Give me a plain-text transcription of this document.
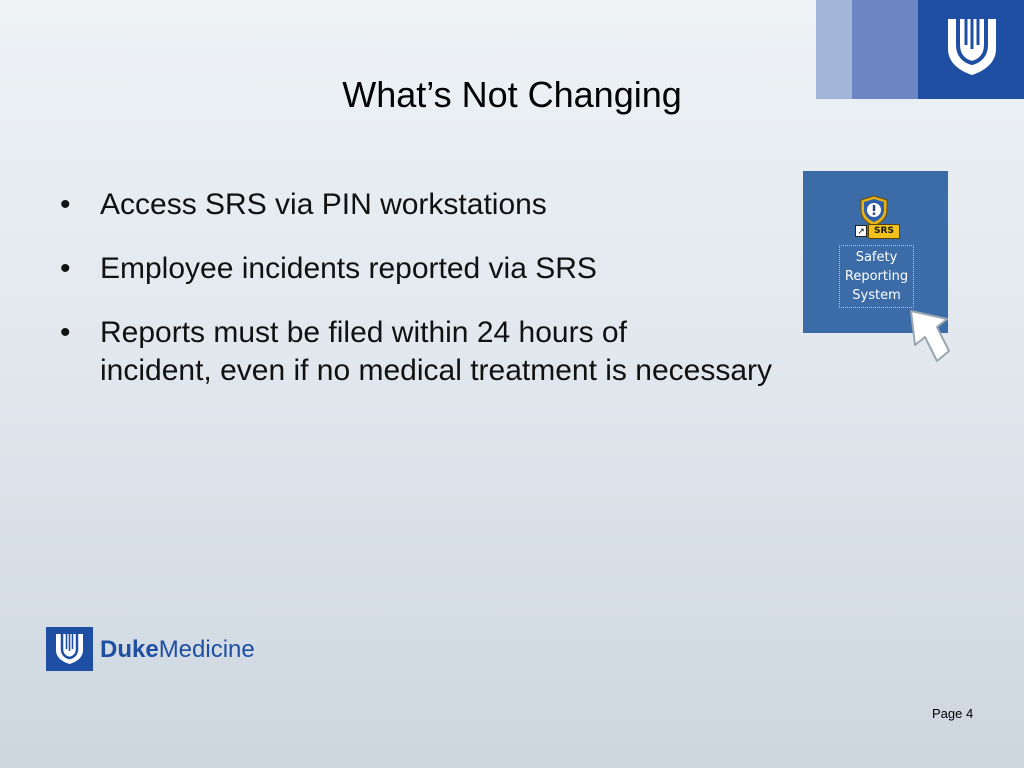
What’s Not Changing
• Access SRS via PIN workstations
• Employee incidents reported via SRS
• Reports must be filed within 24 hours of
incident, even if no medical treatment is necessary
↗	SRS
Safety
Reporting
System
DukeMedicine
Page 4
